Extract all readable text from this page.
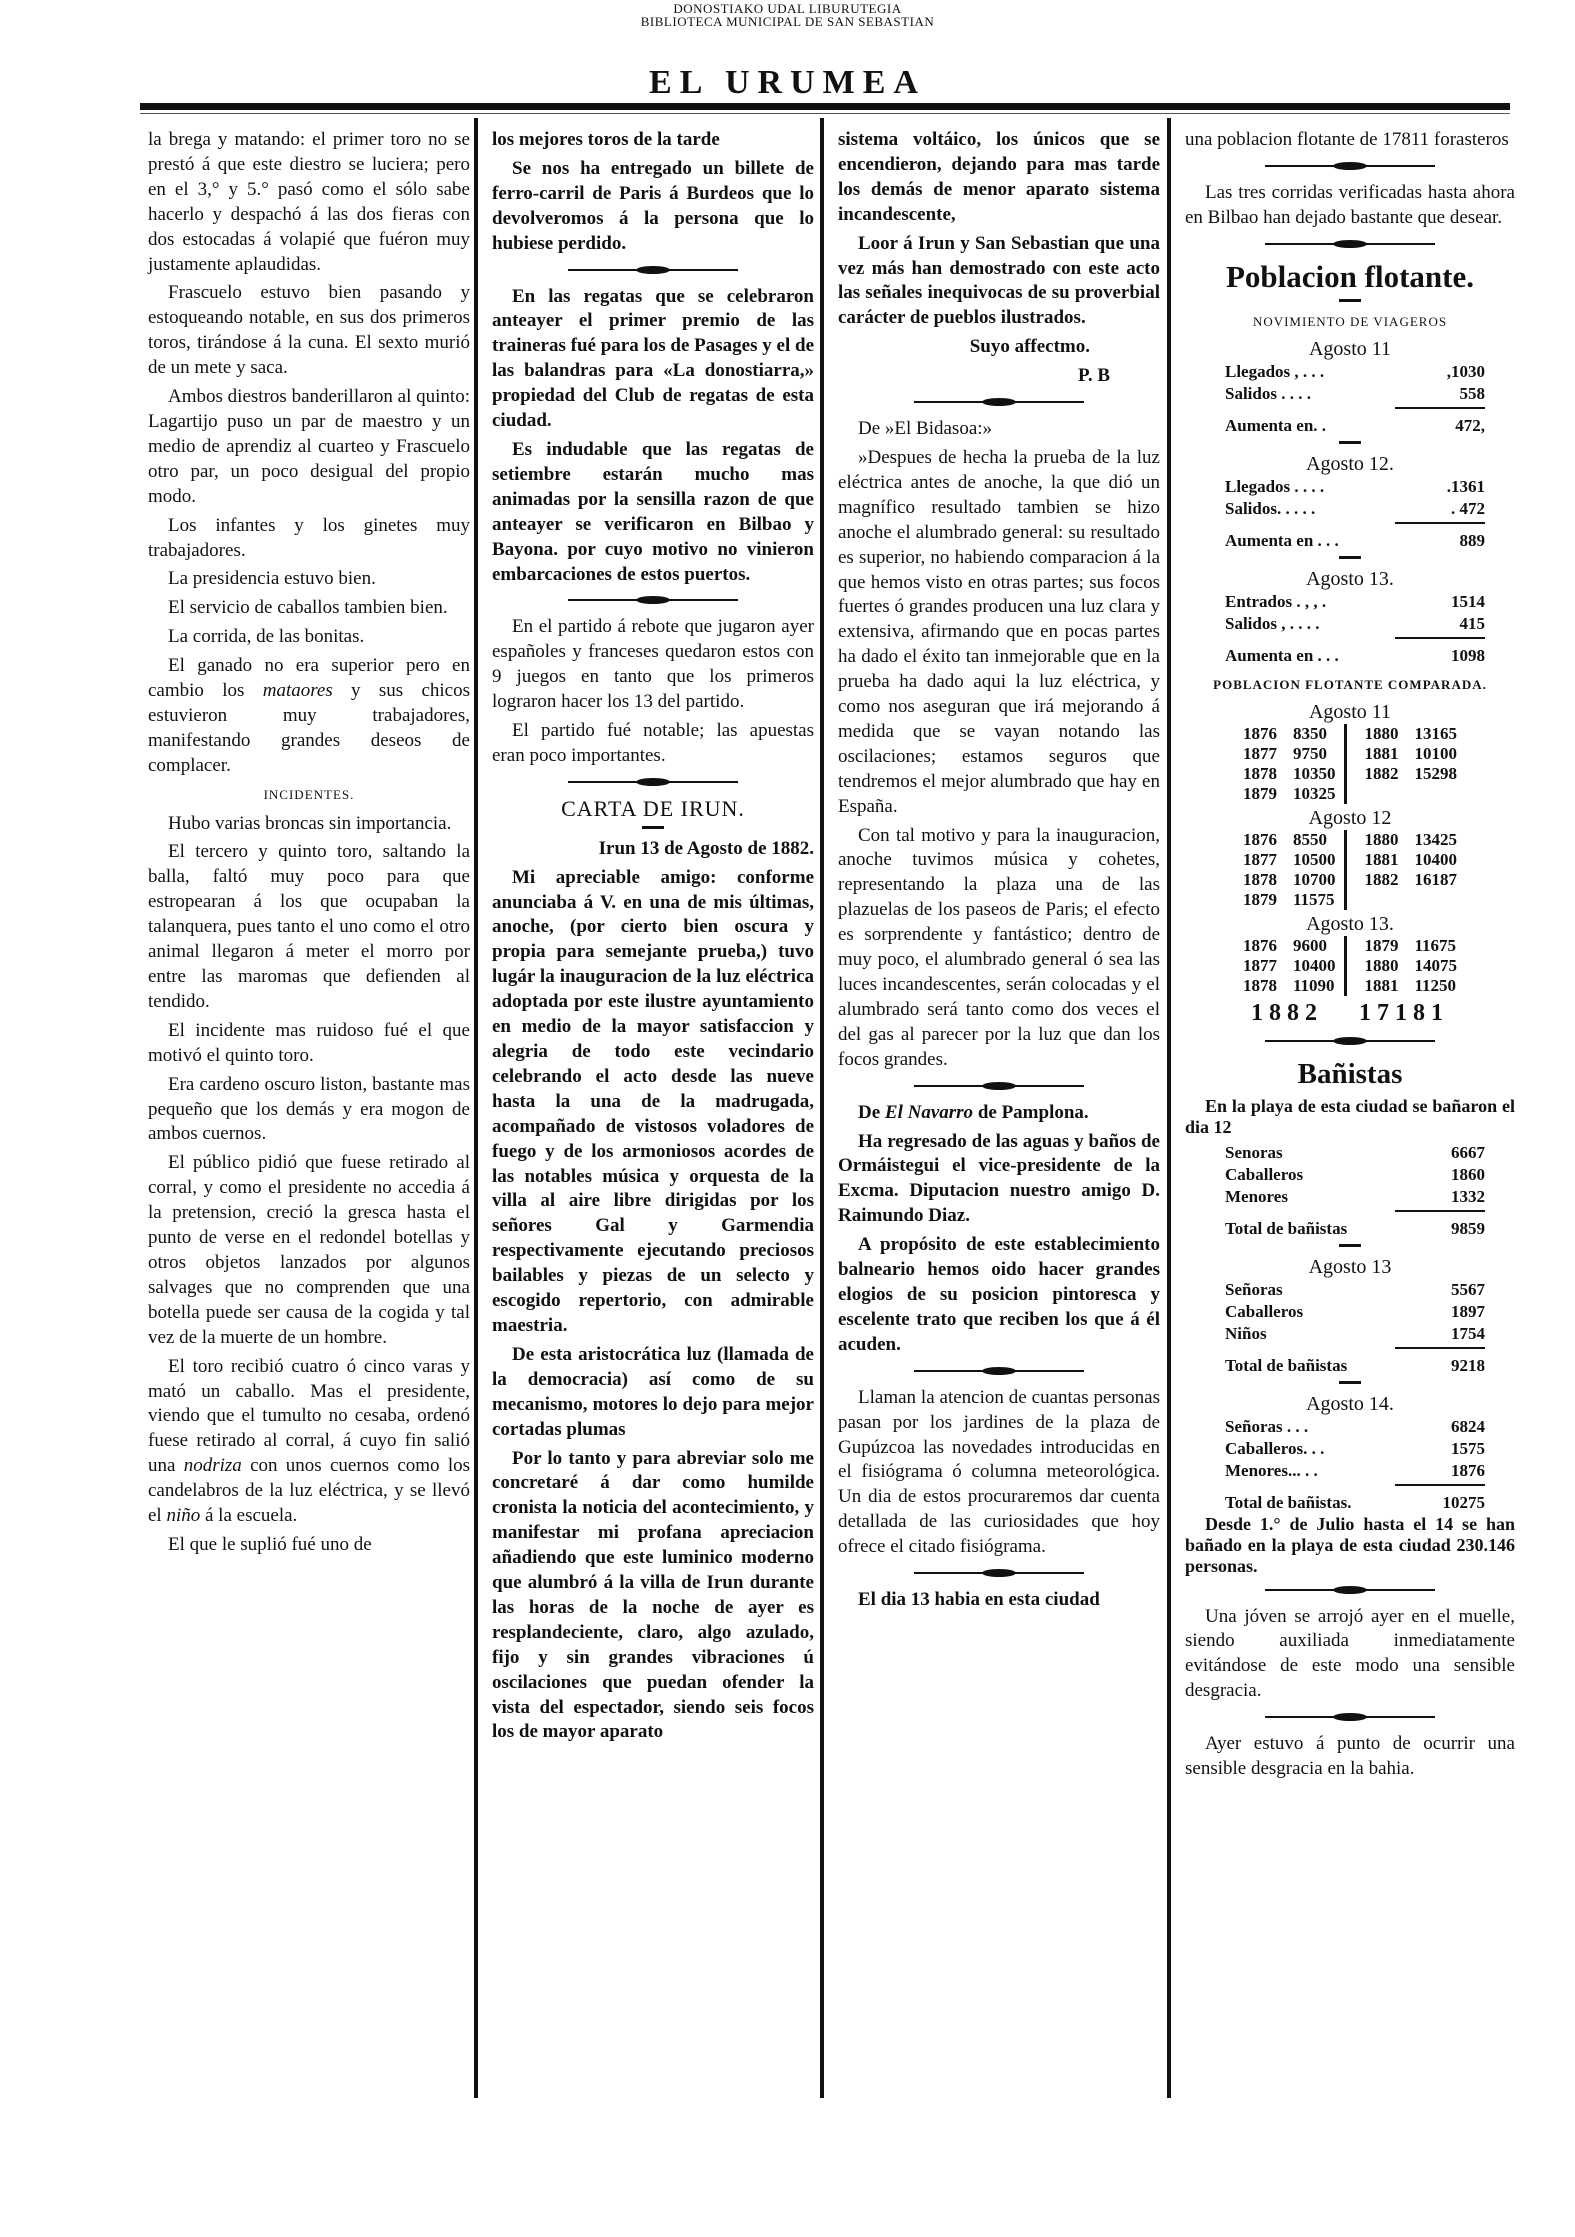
DONOSTIAKO UDAL LIBURUTEGIA
BIBLIOTECA MUNICIPAL DE SAN SEBASTIAN
EL URUMEA

la brega y matando: el primer toro no se prestó á que este diestro se luciera; pero en el 3,° y 5.° pasó como el sólo sabe hacerlo y despachó á las dos fieras con dos estocadas á volapié que fuéron muy justamente aplaudidas.

Frascuelo estuvo bien pasando y estoqueando notable, en sus dos primeros toros, tirándose á la cuna. El sexto murió de un mete y saca.

Ambos diestros banderillaron al quinto: Lagartijo puso un par de maestro y un medio de aprendiz al cuarteo y Frascuelo otro par, un poco desigual del propio modo.

Los infantes y los ginetes muy trabajadores.

La presidencia estuvo bien.

El servicio de caballos tambien bien.

La corrida, de las bonitas.

El ganado no era superior pero en cambio los mataores y sus chicos estuvieron muy trabajadores, manifestando grandes deseos de complacer.

INCIDENTES.

Hubo varias broncas sin importancia.

El tercero y quinto toro, saltando la balla, faltó muy poco para que estropearan á los que ocupaban la talanquera, pues tanto el uno como el otro animal llegaron á meter el morro por entre las maromas que defienden al tendido.

El incidente mas ruidoso fué el que motivó el quinto toro.

Era cardeno oscuro liston, bastante mas pequeño que los demás y era mogon de ambos cuernos.

El público pidió que fuese retirado al corral, y como el presidente no accedia á la pretension, creció la gresca hasta el punto de verse en el redondel botellas y otros objetos lanzados por algunos salvages que no comprenden que una botella puede ser causa de la cogida y tal vez de la muerte de un hombre.

El toro recibió cuatro ó cinco varas y mató un caballo. Mas el presidente, viendo que el tumulto no cesaba, ordenó fuese retirado al corral, á cuyo fin salió una nodriza con unos cuernos como los candelabros de la luz eléctrica, y se llevó el niño á la escuela.

El que le suplió fué uno de

los mejores toros de la tarde

Se nos ha entregado un billete de ferro-carril de Paris á Burdeos que lo devolveromos á la persona que lo hubiese perdido.

En las regatas que se celebraron anteayer el primer premio de las traineras fué para los de Pasages y el de las balandras para «La donostiarra,» propiedad del Club de regatas de esta ciudad.

Es indudable que las regatas de setiembre estarán mucho mas animadas por la sensilla razon de que anteayer se verificaron en Bilbao y Bayona. por cuyo motivo no vinieron embarcaciones de estos puertos.

En el partido á rebote que jugaron ayer españoles y franceses quedaron estos con 9 juegos en tanto que los primeros lograron hacer los 13 del partido.

El partido fué notable; las apuestas eran poco importantes.

CARTA DE IRUN.

Irun 13 de Agosto de 1882.

Mi apreciable amigo: conforme anunciaba á V. en una de mis últimas, anoche, (por cierto bien oscura y propia para semejante prueba,) tuvo lugár la inauguracion de la luz eléctrica adoptada por este ilustre ayuntamiento en medio de la mayor satisfaccion y alegria de todo este vecindario celebrando el acto desde las nueve hasta la una de la madrugada, acompañado de vistosos voladores de fuego y de los armoniosos acordes de las notables música y orquesta de la villa al aire libre dirigidas por los señores Gal y Garmendia respectivamente ejecutando preciosos bailables y piezas de un selecto y escogido repertorio, con admirable maestria.

De esta aristocrática luz (llamada de la democracia) así como de su mecanismo, motores lo dejo para mejor cortadas plumas

Por lo tanto y para abreviar solo me concretaré á dar como humilde cronista la noticia del acontecimiento, y manifestar mi profana apreciacion añadiendo que este luminico moderno que alumbró á la villa de Irun durante las horas de la noche de ayer es resplandeciente, claro, algo azulado, fijo y sin grandes vibraciones ú oscilaciones que puedan ofender la vista del espectador, siendo seis focos los de mayor aparato

sistema voltáico, los únicos que se encendieron, dejando para mas tarde los demás de menor aparato sistema incandescente,

Loor á Irun y San Sebastian que una vez más han demostrado con este acto las señales inequivocas de su proverbial carácter de pueblos ilustrados.

Suyo affectmo.

P. B

De »El Bidasoa:»

»Despues de hecha la prueba de la luz eléctrica antes de anoche, la que dió un magnífico resultado tambien se hizo anoche el alumbrado general: su resultado es superior, no habiendo comparacion á la que hemos visto en otras partes; sus focos fuertes ó grandes producen una luz clara y extensiva, afirmando que en pocas partes ha dado el éxito tan inmejorable que en la prueba ha dado aqui la luz eléctrica, y como nos aseguran que irá mejorando á medida que se vayan notando las oscilaciones; estamos seguros que tendremos el mejor alumbrado que hay en España.

Con tal motivo y para la inauguracion, anoche tuvimos música y cohetes, representando la plaza una de las plazuelas de los paseos de Paris; el efecto es sorprendente y fantástico; dentro de muy poco, el alumbrado general ó sea las luces incandescentes, serán colocadas y el alumbrado será tanto como dos veces el del gas al parecer por la luz que dan los focos grandes.

De El Navarro de Pamplona.

Ha regresado de las aguas y baños de Ormáistegui el vice-presidente de la Excma. Diputacion nuestro amigo D. Raimundo Diaz.

A propósito de este establecimiento balneario hemos oido hacer grandes elogios de su posicion pintoresca y escelente trato que reciben los que á él acuden.

Llaman la atencion de cuantas personas pasan por los jardines de la plaza de Gupúzcoa las novedades introducidas en el fisiógrama ó columna meteorológica. Un dia de estos procuraremos dar cuenta detallada de las curiosidades que hoy ofrece el citado fisiógrama.

El dia 13 habia en esta ciudad

una poblacion flotante de 17811 forasteros

Las tres corridas verificadas hasta ahora en Bilbao han dejado bastante que desear.

Poblacion flotante.
NOVIMIENTO DE VIAGEROS
Agosto 11
Llegados , . . .	,1030
Salidos . . . .	558
Aumenta en. .	472,
Agosto 12.
Llegados . . . .	.1361
Salidos. . . . .	. 472
Aumenta en . . .	889
Agosto 13.
Entrados . , , .	1514
Salidos , . . . .	415
Aumenta en . . .	1098
POBLACION FLOTANTE COMPARADA.
Agosto 11
1876	8350		1880	13165
1877	9750		1881	10100
1878	10350		1882	15298
1879	10325			
Agosto 12
1876	8550		1880	13425
1877	10500		1881	10400
1878	10700		1882	16187
1879	11575			
Agosto 13.
1876	9600		1879	11675
1877	10400		1880	14075
1878	11090		1881	11250
1882 17181
Bañistas

En la playa de esta ciudad se bañaron el dia 12

Senoras	6667
Caballeros	1860
Menores	1332
Total de bañistas	9859
Agosto 13
Señoras	5567
Caballeros	1897
Niños	1754
Total de bañistas	9218
Agosto 14.
Señoras . . .	6824
Caballeros. . .	1575
Menores... . .	1876
Total de bañistas.	10275

Desde 1.° de Julio hasta el 14 se han bañado en la playa de esta ciudad 230.146 personas.

Una jóven se arrojó ayer en el muelle, siendo auxiliada inmediatamente evitándose de este modo una sensible desgracia.

Ayer estuvo á punto de ocurrir una sensible desgracia en la bahia.
